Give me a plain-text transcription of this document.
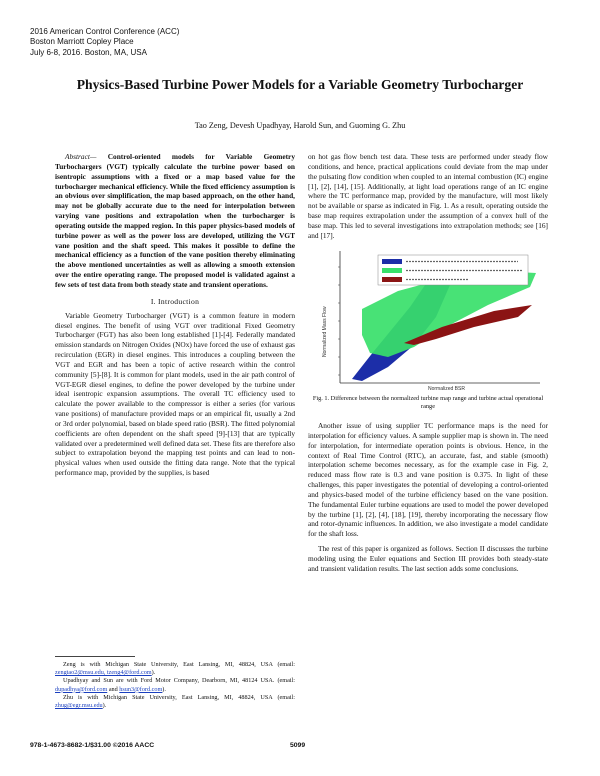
2016 American Control Conference (ACC)
Boston Marriott Copley Place
July 6-8, 2016. Boston, MA, USA
Physics-Based Turbine Power Models for a Variable Geometry Turbocharger
Tao Zeng, Devesh Upadhyay, Harold Sun, and Guoming G. Zhu

Abstract— Control-oriented models for Variable Geometry Turbochargers (VGT) typically calculate the turbine power based on isentropic assumptions with a fixed or a map based value for the turbocharger mechanical efficiency. While the fixed efficiency assumption is an obvious over simplification, the map based approach, on the other hand, may not be globally accurate due to the need for interpolation between varying vane positions and extrapolation when the turbocharger is operating outside the mapped region. In this paper physics-based models of turbine power as well as the power loss are developed, utilizing the VGT vane position and the shaft speed. This makes it possible to define the mechanical efficiency as a function of the vane position thereby eliminating the above mentioned uncertainties as well as allowing a smooth extension over the entire operating range. The proposed model is validated against a few sets of test data from both steady state and transient operations.

I. Introduction

Variable Geometry Turbocharger (VGT) is a common feature in modern diesel engines. The benefit of using VGT over traditional Fixed Geometry Turbocharger (FGT) has also been long established [1]-[4]. Federally mandated emission standards on Nitrogen Oxides (NOx) have forced the use of exhaust gas recirculation (EGR) in diesel engines. This introduces a coupling between the VGT and EGR and has been a topic of active research within the control community [5]-[8]. It is common for plant models, used in the air path control of VGT-EGR diesel engines, to define the power developed by the turbine under ideal isentropic expansion assumptions. The overall TC efficiency used to calculate the power available to the compressor is either a series (for various vane positions) of manufacture provided maps or an empirical fit, usually a 2nd or 3rd order polynomial, based on blade speed ratio (BSR). The fitted polynomial coefficients are often dependent on the shaft speed [9]-[13] that are typically validated over a predetermined well defined data set. These fits are therefore also subject to extrapolation beyond the mapping test points and can lead to non-physical values when used outside the fitting data range. Note that the typical performance map, provided by the supplies, is based

Zeng is with Michigan State University, East Lansing, MI, 48824, USA (email: zengtao2@msu.edu, tzeng4@ford.com).

Upadhyay and Sun are with Ford Motor Company, Dearborn, MI, 48124 USA. (email: dupadhya@ford.com and hsun3@ford.com).

Zhu is with Michigan State University, East Lansing, MI, 48824, USA (email: zhug@egr.msu.edu).

on hot gas flow bench test data. These tests are performed under steady flow conditions, and hence, practical applications could deviate from the map under the pulsating flow condition when coupled to an internal combustion (IC) engine [1], [2], [14], [15]. Additionally, at light load operations range of an IC engine where the TC performance map, provided by the manufacture, will most likely not be available or sparse as indicated in Fig. 1. As a result, operating outside the base map requires extrapolation under the assumption of a convex hull of the base map. This led to several investigations into extrapolation methods; see [16] and [17].

Normalized Mass Flow
Normalized BSR
Fig. 1. Difference between the normalized turbine map range and turbine actual operational range

Another issue of using supplier TC performance maps is the need for interpolation for efficiency values. A sample supplier map is shown in. The need for interpolation, for intermediate operation points is obvious. Hence, in the context of Real Time Control (RTC), an accurate, fast, and stable (smooth) interpolation scheme becomes necessary, as for the example case in Fig. 2, reduced mass flow rate is 0.3 and vane position is 0.375. In light of these challenges, this paper investigates the potential of developing a control-oriented and physics-based model of the turbine efficiency based on the vane position. The fundamental Euler turbine equations are used to model the power developed by the turbine [1], [2], [4], [18], [19], thereby incorporating the necessary flow and rotor-dynamic influences. In addition, we also investigate a model candidate for the shaft loss.

The rest of this paper is organized as follows. Section II discusses the turbine modeling using the Euler equations and Section III provides both steady-state and transient validation results. The last section adds some conclusions.

978-1-4673-8682-1/$31.00 ©2016 AACC	5099
